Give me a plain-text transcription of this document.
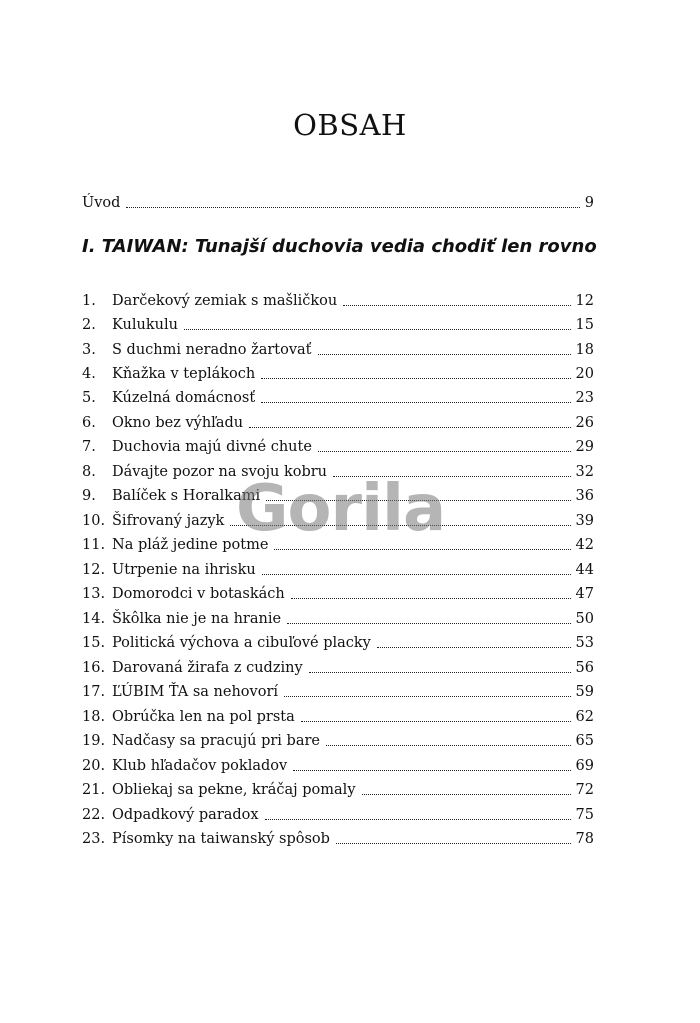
OBSAH
Úvod	9
I. TAIWAN: Tunajší duchovia vedia chodiť len rovno
1.	Darčekový zemiak s mašličkou	12
2.	Kulukulu	15
3.	S duchmi neradno žartovať	18
4.	Kňažka v teplákoch	20
5.	Kúzelná domácnosť	23
6.	Okno bez výhľadu	26
7.	Duchovia majú divné chute	29
8.	Dávajte pozor na svoju kobru	32
9.	Balíček s Horalkami	36
10. Šifrovaný jazyk	39
11. Na pláž jedine potme	42
12. Utrpenie na ihrisku	44
13. Domorodci v botaskách	47
14. Škôlka nie je na hranie	50
15. Politická výchova a cibuľové placky	53
16. Darovaná žirafa z cudziny	56
17. ĽÚBIM ŤA sa nehovorí	59
18. Obrúčka len na pol prsta	62
19. Nadčasy sa pracujú pri bare	65
20. Klub hľadačov pokladov	69
21. Obliekaj sa pekne, kráčaj pomaly	72
22. Odpadkový paradox	75
23. Písomky na taiwanský spôsob	78
Gorila
